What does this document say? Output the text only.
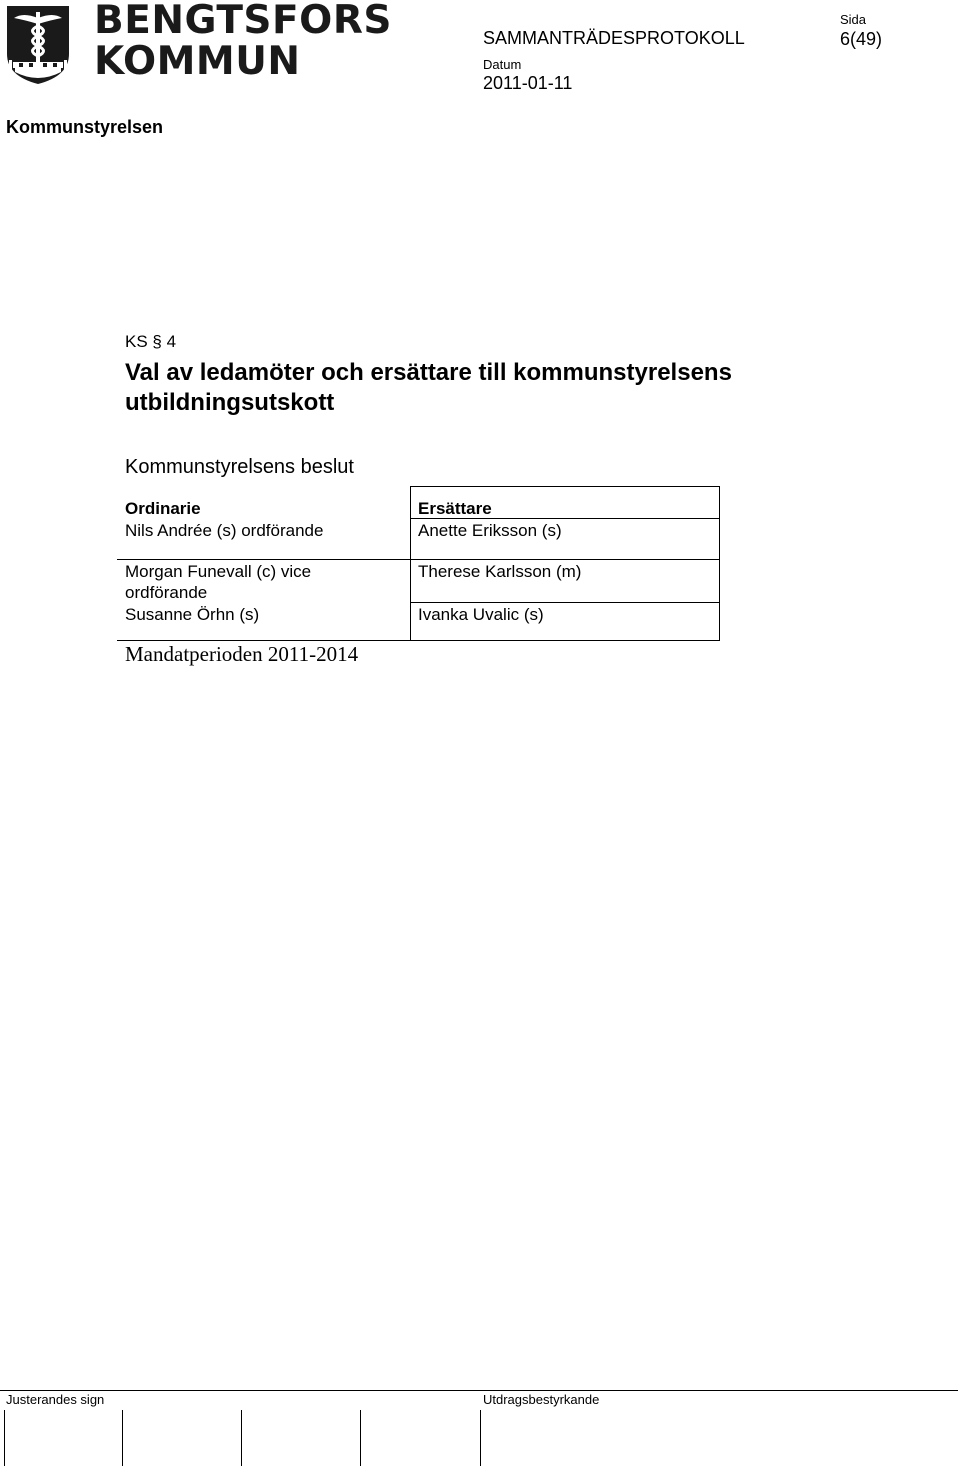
BENGTSFORS
KOMMUN
SAMMANTRÄDESPROTOKOLL
Sida
6(49)
Datum
2011-01-11
Kommunstyrelsen
KS § 4
Val av ledamöter och ersättare till kommunstyrelsens
utbildningsutskott
Kommunstyrelsens beslut
Ordinarie	Ersättare
Nils Andrée (s) ordförande	Anette Eriksson (s)
Morgan Funevall (c) vice	Therese Karlsson (m)
ordförande
Susanne Örhn (s)	Ivanka Uvalic (s)
Mandatperioden 2011-2014
Justerandes sign	Utdragsbestyrkande
